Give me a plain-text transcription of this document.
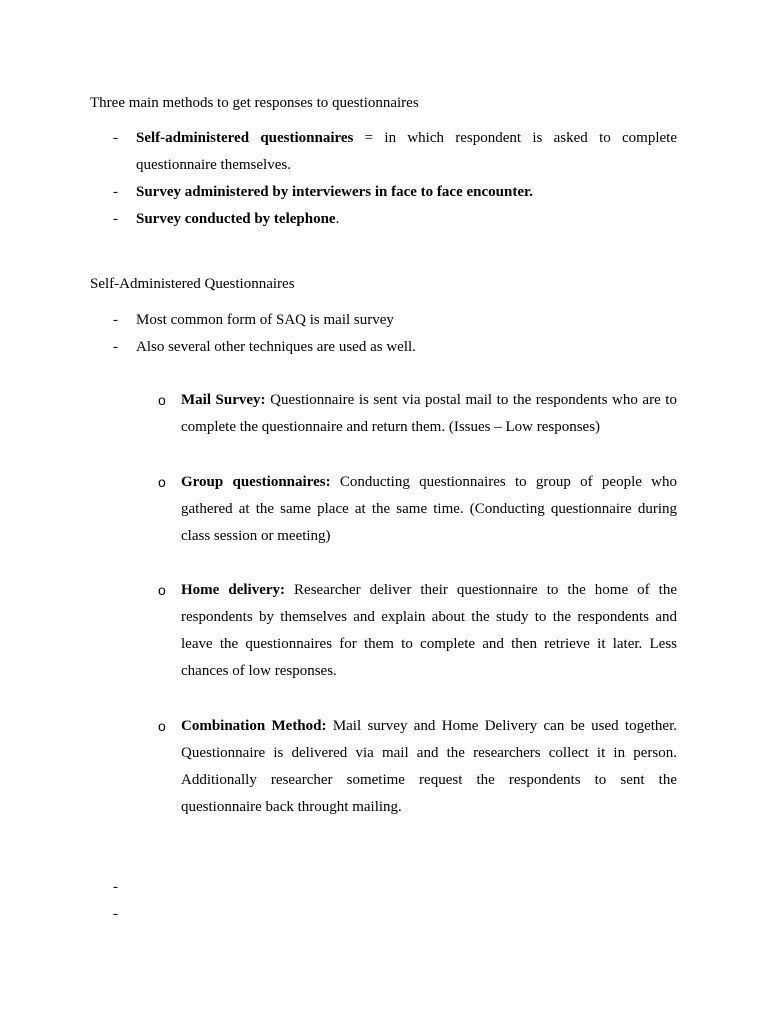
Three main methods to get responses to questionnaires
- Self-administered questionnaires = in which respondent is asked to complete questionnaire themselves.
- Survey administered by interviewers in face to face encounter.
- Survey conducted by telephone.
Self-Administered Questionnaires
- Most common form of SAQ is mail survey
- Also several other techniques are used as well.
o Mail Survey: Questionnaire is sent via postal mail to the respondents who are to complete the questionnaire and return them. (Issues – Low responses)
o Group questionnaires: Conducting questionnaires to group of people who gathered at the same place at the same time. (Conducting questionnaire during class session or meeting)
o Home delivery: Researcher deliver their questionnaire to the home of the respondents by themselves and explain about the study to the respondents and leave the questionnaires for them to complete and then retrieve it later. Less chances of low responses.
o Combination Method: Mail survey and Home Delivery can be used together. Questionnaire is delivered via mail and the researchers collect it in person. Additionally researcher sometime request the respondents to sent the questionnaire back throught mailing.
-
-
